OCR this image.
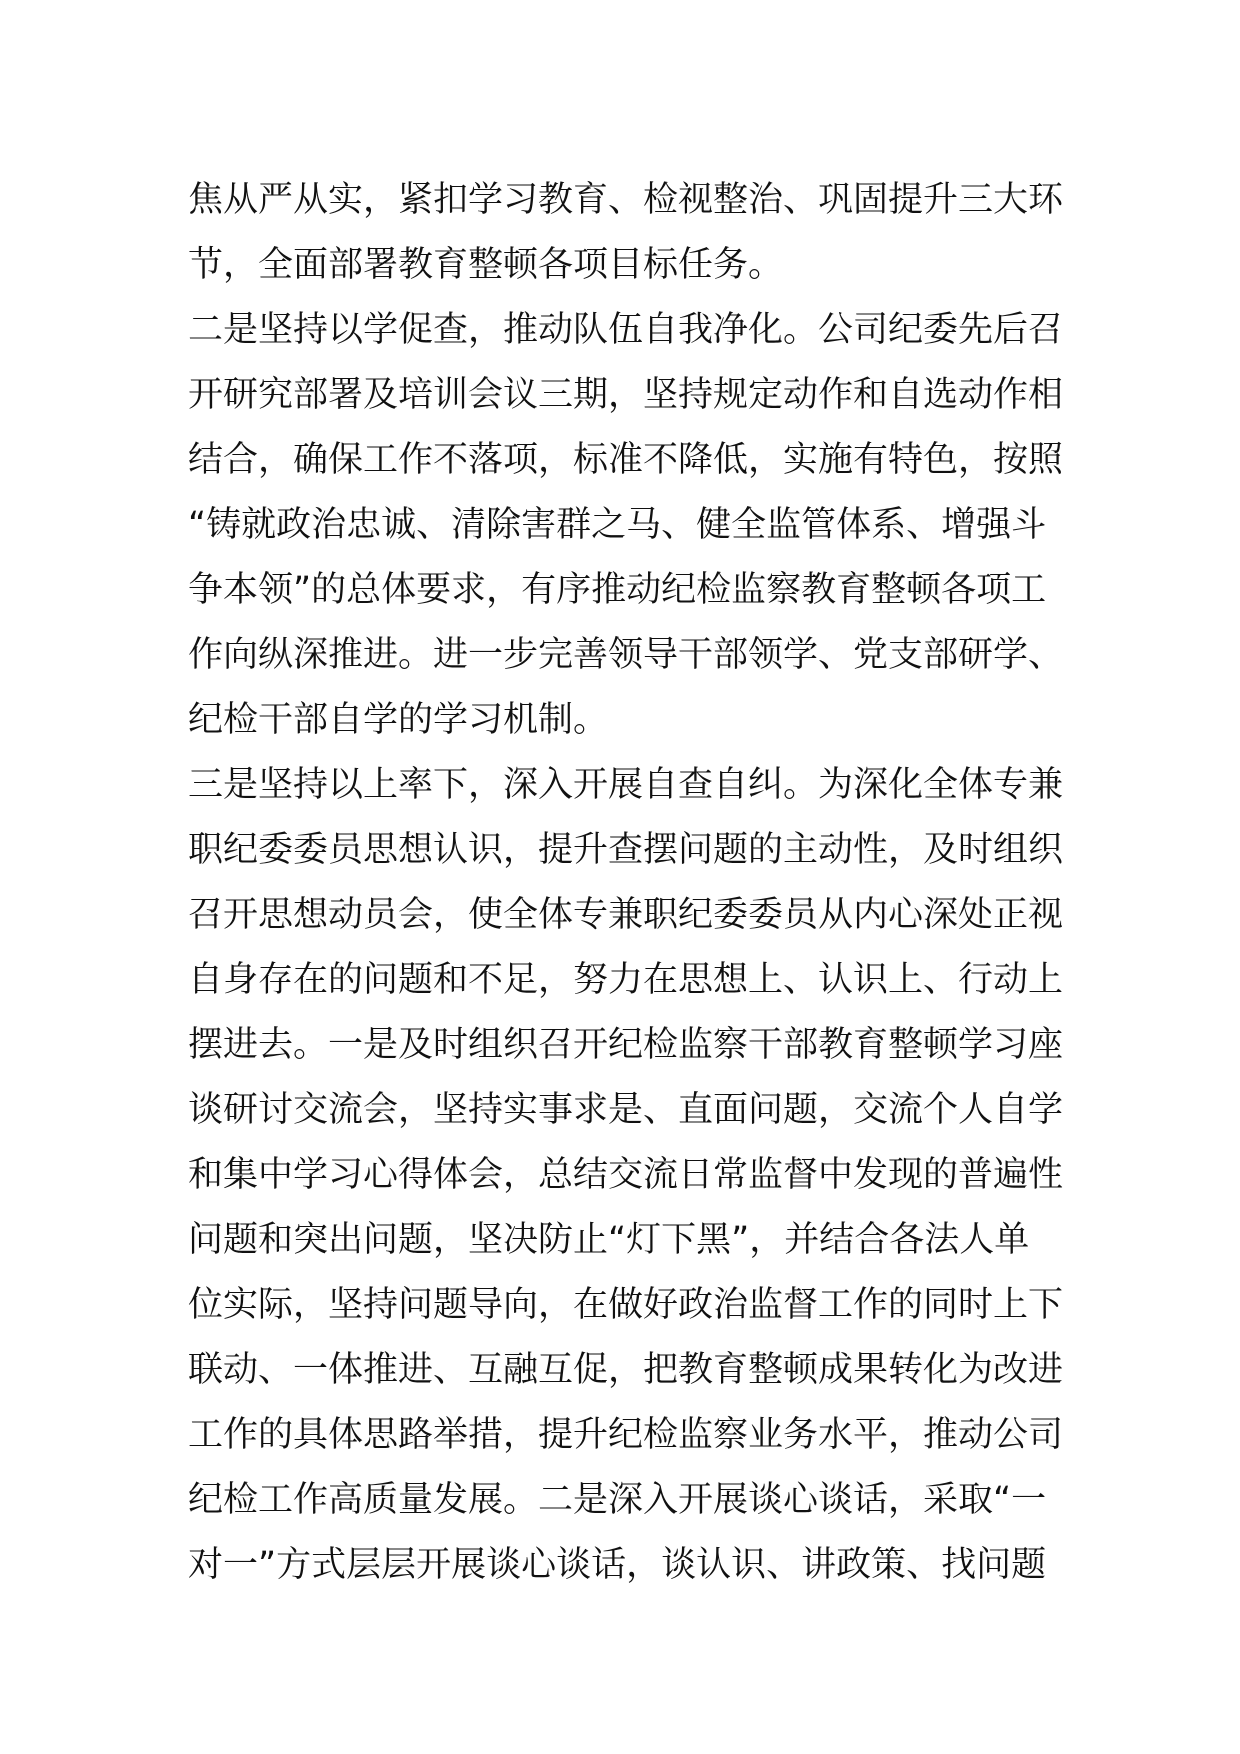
焦从严从实，紧扣学习教育、检视整治、巩固提升三大环
节，全面部署教育整顿各项目标任务。
二是坚持以学促查，推动队伍自我净化。公司纪委先后召
开研究部署及培训会议三期，坚持规定动作和自选动作相
结合，确保工作不落项，标准不降低，实施有特色，按照
“铸就政治忠诚、清除害群之马、健全监管体系、增强斗
争本领”的总体要求，有序推动纪检监察教育整顿各项工
作向纵深推进。进一步完善领导干部领学、党支部研学、
纪检干部自学的学习机制。
三是坚持以上率下，深入开展自查自纠。为深化全体专兼
职纪委委员思想认识，提升查摆问题的主动性，及时组织
召开思想动员会，使全体专兼职纪委委员从内心深处正视
自身存在的问题和不足，努力在思想上、认识上、行动上
摆进去。一是及时组织召开纪检监察干部教育整顿学习座
谈研讨交流会，坚持实事求是、直面问题，交流个人自学
和集中学习心得体会，总结交流日常监督中发现的普遍性
问题和突出问题，坚决防止“灯下黑”，并结合各法人单
位实际，坚持问题导向，在做好政治监督工作的同时上下
联动、一体推进、互融互促，把教育整顿成果转化为改进
工作的具体思路举措，提升纪检监察业务水平，推动公司
纪检工作高质量发展。二是深入开展谈心谈话，采取“一
对一”方式层层开展谈心谈话，谈认识、讲政策、找问题
